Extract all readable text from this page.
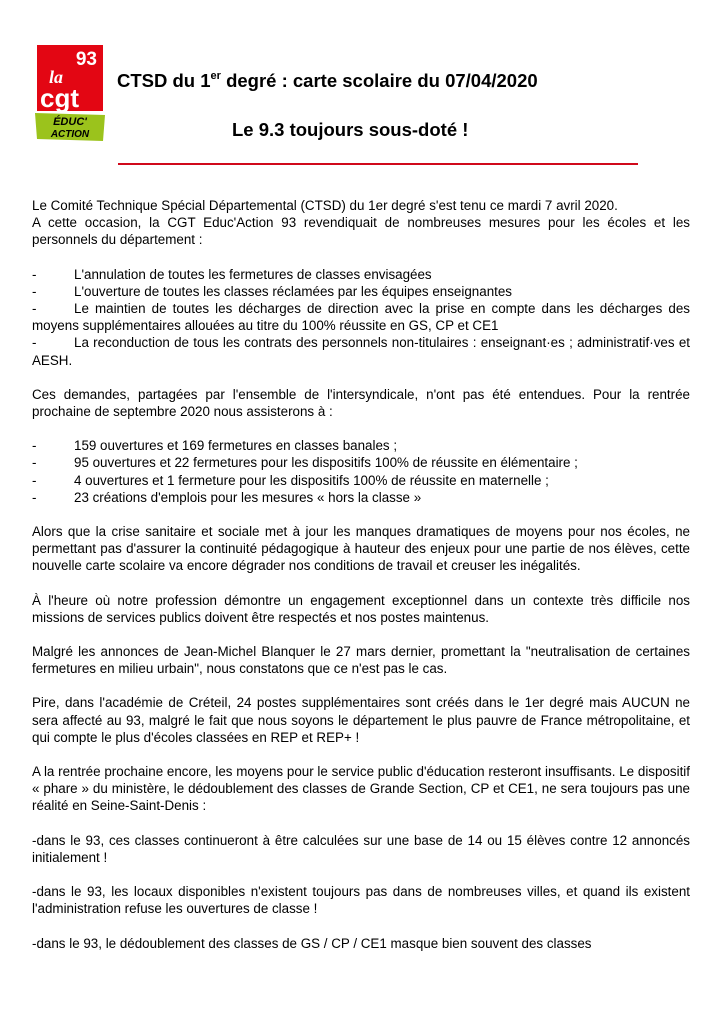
93
la
cgt
ÉDUC'
ACTION
CTSD du 1er degré : carte scolaire du 07/04/2020
Le 9.3 toujours sous-doté !

Le Comité Technique Spécial Départemental (CTSD) du 1er degré s'est tenu ce mardi 7 avril 2020.

A cette occasion, la CGT Educ'Action 93 revendiquait de nombreuses mesures pour les écoles et les personnels du département :

-	L'annulation de toutes les fermetures de classes envisagées
-	L'ouverture de toutes les classes réclamées par les équipes enseignantes
-	Le maintien de toutes les décharges de direction avec la prise en compte dans les décharges des moyens supplémentaires allouées au titre du 100% réussite en GS, CP et CE1
-	La reconduction de tous les contrats des personnels non-titulaires : enseignant·es ; administratif·ves et AESH.

Ces demandes, partagées par l'ensemble de l'intersyndicale, n'ont pas été entendues. Pour la rentrée prochaine de septembre 2020 nous assisterons à :

-	159 ouvertures et 169 fermetures en classes banales ;
-	95 ouvertures et 22 fermetures pour les dispositifs 100% de réussite en élémentaire ;
-	4 ouvertures et 1 fermeture pour les dispositifs 100% de réussite en maternelle ;
-	23 créations d'emplois pour les mesures « hors la classe »

Alors que la crise sanitaire et sociale met à jour les manques dramatiques de moyens pour nos écoles, ne permettant pas d'assurer la continuité pédagogique à hauteur des enjeux pour une partie de nos élèves, cette nouvelle carte scolaire va encore dégrader nos conditions de travail et creuser les inégalités.

À l'heure où notre profession démontre un engagement exceptionnel dans un contexte très difficile nos missions de services publics doivent être respectés et nos postes maintenus.

Malgré les annonces de Jean-Michel Blanquer le 27 mars dernier, promettant la "neutralisation de certaines fermetures en milieu urbain", nous constatons que ce n'est pas le cas.

Pire, dans l'académie de Créteil, 24 postes supplémentaires sont créés dans le 1er degré mais AUCUN ne sera affecté au 93, malgré le fait que nous soyons le département le plus pauvre de France métropolitaine, et qui compte le plus d'écoles classées en REP et REP+ !

A la rentrée prochaine encore, les moyens pour le service public d'éducation resteront insuffisants. Le dispositif « phare » du ministère, le dédoublement des classes de Grande Section, CP et CE1, ne sera toujours pas une réalité en Seine-Saint-Denis :

-dans le 93, ces classes continueront à être calculées sur une base de 14 ou 15 élèves contre 12 annoncés initialement !

-dans le 93, les locaux disponibles n'existent toujours pas dans de nombreuses villes, et quand ils existent l'administration refuse les ouvertures de classe !

-dans le 93, le dédoublement des classes de GS / CP / CE1 masque bien souvent des classes
